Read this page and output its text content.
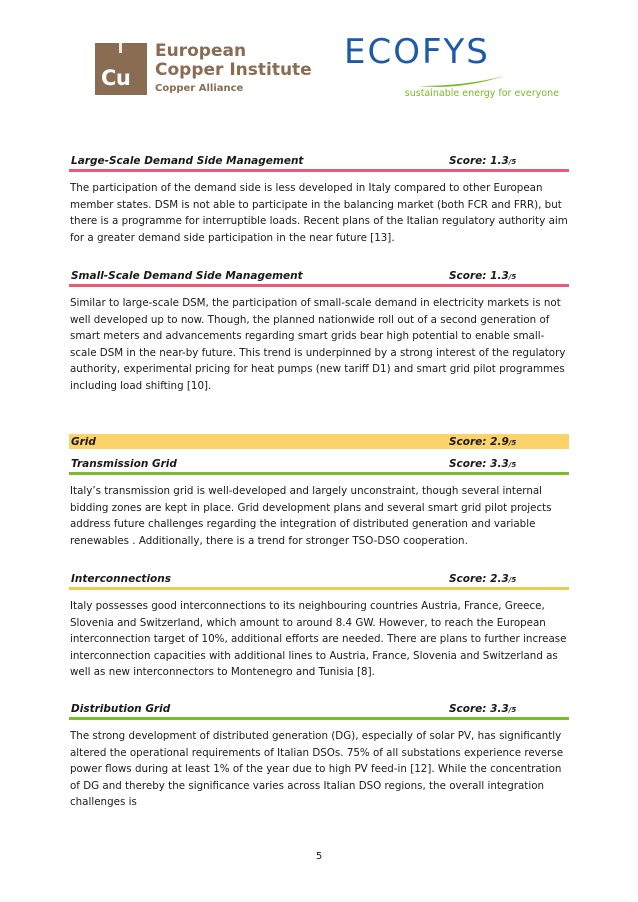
Cu
European
Copper Institute
Copper Alliance
ECOFYS
sustainable energy for everyone
Large-Scale Demand Side Management	Score: 1.3/5
The participation of the demand side is less developed in Italy compared to other European member states. DSM is not able to participate in the balancing market (both FCR and FRR), but there is a programme for interruptible loads. Recent plans of the Italian regulatory authority aim for a greater demand side participation in the near future [13].
Small-Scale Demand Side Management	Score: 1.3/5
Similar to large-scale DSM, the participation of small-scale demand in electricity markets is not well developed up to now. Though, the planned nationwide roll out of a second generation of smart meters and advancements regarding smart grids bear high potential to enable small-scale DSM in the near-by future. This trend is underpinned by a strong interest of the regulatory authority, experimental pricing for heat pumps (new tariff D1) and smart grid pilot programmes including load shifting [10].
Grid	Score: 2.9/5
Transmission Grid	Score: 3.3/5
Italy’s transmission grid is well-developed and largely unconstraint, though several internal bidding zones are kept in place. Grid development plans and several smart grid pilot projects address future challenges regarding the integration of distributed generation and variable renewables . Additionally, there is a trend for stronger TSO-DSO cooperation.
Interconnections	Score: 2.3/5
Italy possesses good interconnections to its neighbouring countries Austria, France, Greece, Slovenia and Switzerland, which amount to around 8.4 GW. However, to reach the European interconnection target of 10%, additional efforts are needed. There are plans to further increase interconnection capacities with additional lines to Austria, France, Slovenia and Switzerland as well as new interconnectors to Montenegro and Tunisia [8].
Distribution Grid	Score: 3.3/5
The strong development of distributed generation (DG), especially of solar PV, has significantly altered the operational requirements of Italian DSOs. 75% of all substations experience reverse power flows during at least 1% of the year due to high PV feed-in [12]. While the concentration of DG and thereby the significance varies across Italian DSO regions, the overall integration challenges is
5
